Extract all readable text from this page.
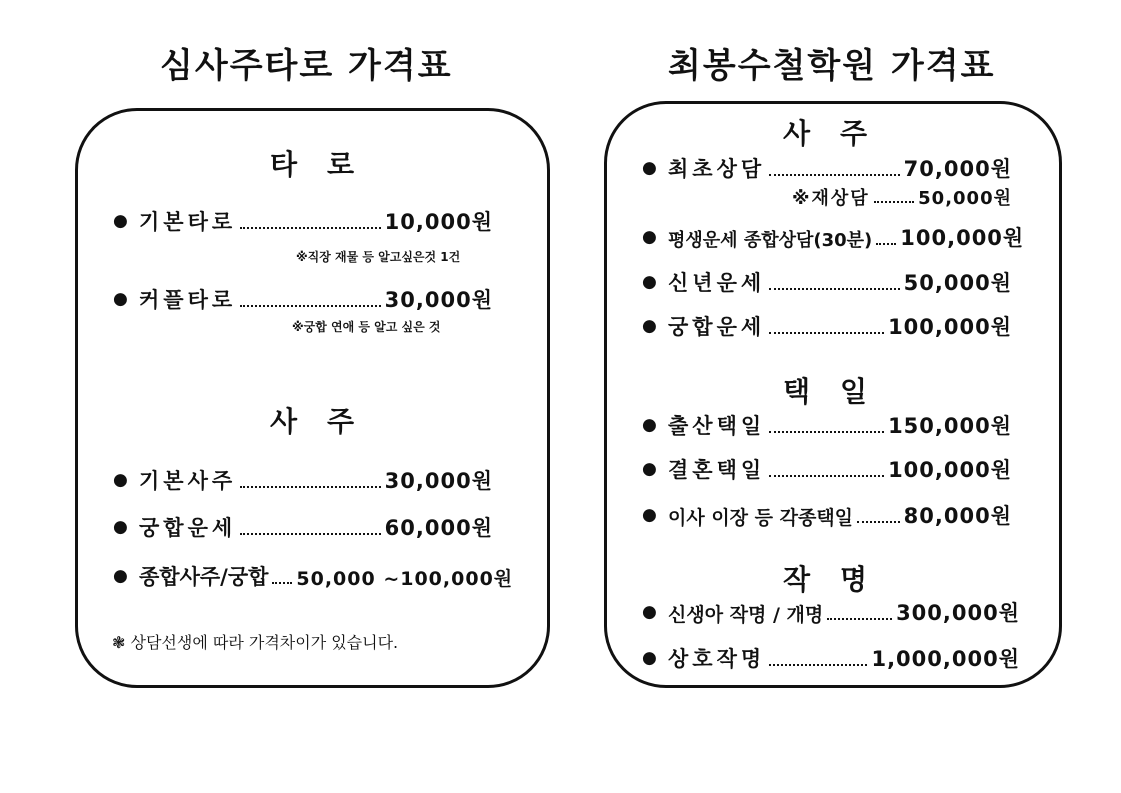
심사주타로 가격표
타로
● 기본타로	10,000원
※직장 재물 등 알고싶은것 1건
● 커플타로	30,000원
※궁합 연애 등 알고 싶은 것
사주
● 기본사주	30,000원
● 궁합운세	60,000원
● 종합사주/궁합 50,000 ~100,000원
❃ 상담선생에 따라 가격차이가 있습니다.
최봉수철학원 가격표
사주
● 최초상담	70,000원
※재상담	50,000원
● 평생운세 종합상담(30분) 100,000원
● 신년운세	50,000원
● 궁합운세	100,000원
택일
● 출산택일	150,000원
● 결혼택일	100,000원
● 이사 이장 등 각종택일 80,000원
작명
● 신생아 작명 / 개명	300,000원
● 상호작명	1,000,000원
